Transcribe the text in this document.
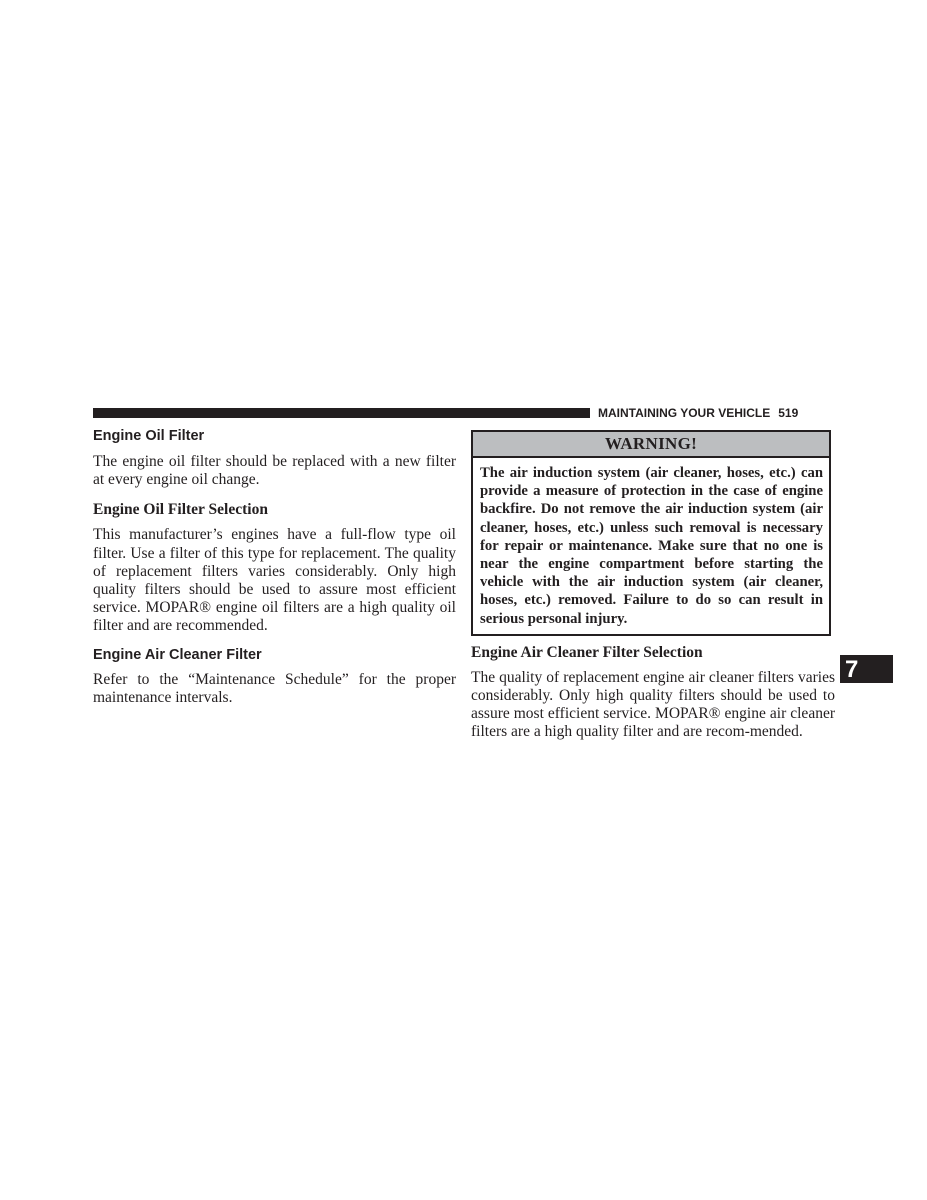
MAINTAINING YOUR VEHICLE 519
Engine Oil Filter

The engine oil filter should be replaced with a new filter at every engine oil change.

Engine Oil Filter Selection

This manufacturer’s engines have a full-flow type oil filter. Use a filter of this type for replacement. The quality of replacement filters varies considerably. Only high quality filters should be used to assure most efficient service. MOPAR® engine oil filters are a high quality oil filter and are recommended.

Engine Air Cleaner Filter

Refer to the “Maintenance Schedule” for the proper maintenance intervals.

WARNING!
The air induction system (air cleaner, hoses, etc.) can provide a measure of protection in the case of engine backfire. Do not remove the air induction system (air cleaner, hoses, etc.) unless such removal is necessary for repair or maintenance. Make sure that no one is near the engine compartment before starting the vehicle with the air induction system (air cleaner, hoses, etc.) removed. Failure to do so can result in serious personal injury.
Engine Air Cleaner Filter Selection

The quality of replacement engine air cleaner filters varies considerably. Only high quality filters should be used to assure most efficient service. MOPAR® engine air cleaner filters are a high quality filter and are recom-mended.

7
